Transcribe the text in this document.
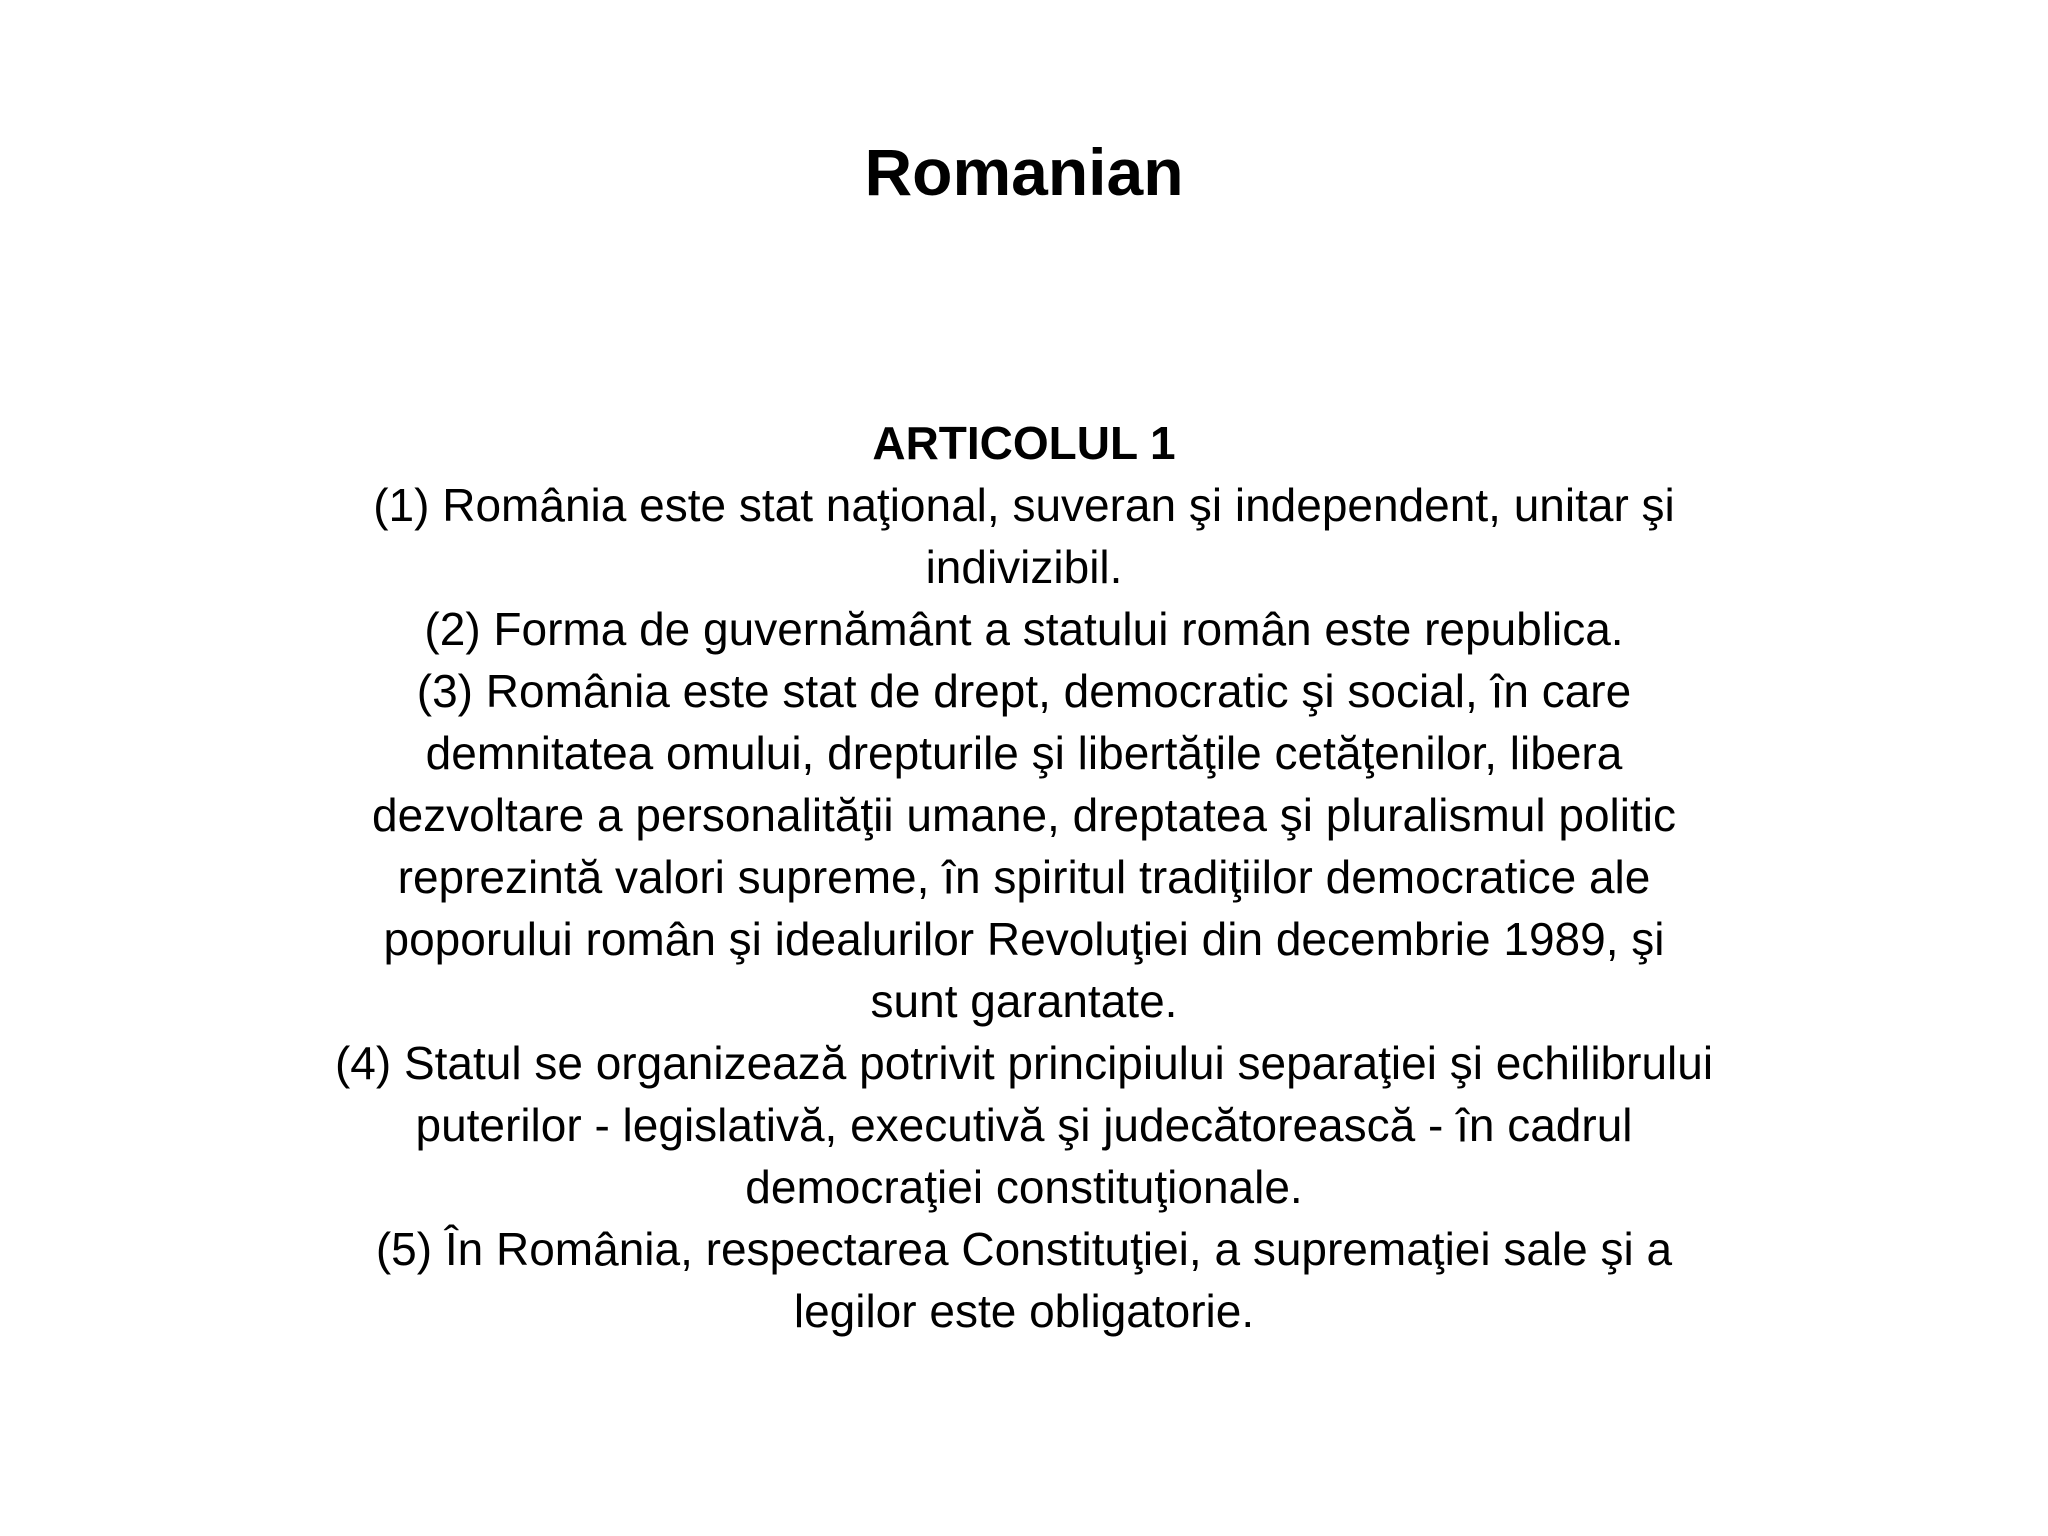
Romanian
ARTICOLUL 1

(1) România este stat naţional, suveran şi independent, unitar şi

indivizibil.

(2) Forma de guvernământ a statului român este republica.

(3) România este stat de drept, democratic şi social, în care

demnitatea omului, drepturile şi libertăţile cetăţenilor, libera

dezvoltare a personalităţii umane, dreptatea şi pluralismul politic

reprezintă valori supreme, în spiritul tradiţiilor democratice ale

poporului român şi idealurilor Revoluţiei din decembrie 1989, şi

sunt garantate.

(4) Statul se organizează potrivit principiului separaţiei şi echilibrului

puterilor - legislativă, executivă şi judecătorească - în cadrul

democraţiei constituţionale.

(5) În România, respectarea Constituţiei, a supremaţiei sale şi a

legilor este obligatorie.
